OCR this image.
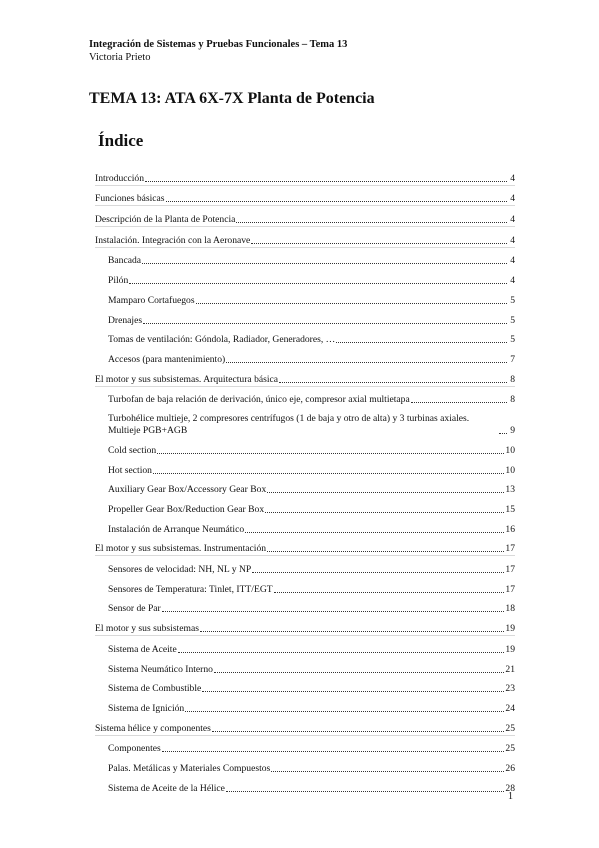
Integración de Sistemas y Pruebas Funcionales – Tema 13
Victoria Prieto
TEMA 13: ATA 6X-7X Planta de Potencia
Índice
Introducción	4
Funciones básicas	4
Descripción de la Planta de Potencia	4
Instalación. Integración con la Aeronave	4
Bancada	4
Pilón	4
Mamparo Cortafuegos	5
Drenajes	5
Tomas de ventilación: Góndola, Radiador, Generadores, …	5
Accesos (para mantenimiento)	7
El motor y sus subsistemas. Arquitectura básica	8
Turbofan de baja relación de derivación, único eje, compresor axial multietapa	8
Turbohélice multieje, 2 compresores centrífugos (1 de baja y otro de alta) y 3 turbinas axiales. Multieje PGB+AGB	9
Cold section	10
Hot section	10
Auxiliary Gear Box/Accessory Gear Box	13
Propeller Gear Box/Reduction Gear Box	15
Instalación de Arranque Neumático	16
El motor y sus subsistemas. Instrumentación	17
Sensores de velocidad: NH, NL y NP	17
Sensores de Temperatura: Tinlet, ITT/EGT	17
Sensor de Par	18
El motor y sus subsistemas	19
Sistema de Aceite	19
Sistema Neumático Interno	21
Sistema de Combustible	23
Sistema de Ignición	24
Sistema hélice y componentes	25
Componentes	25
Palas. Metálicas y Materiales Compuestos	26
Sistema de Aceite de la Hélice	28
1
